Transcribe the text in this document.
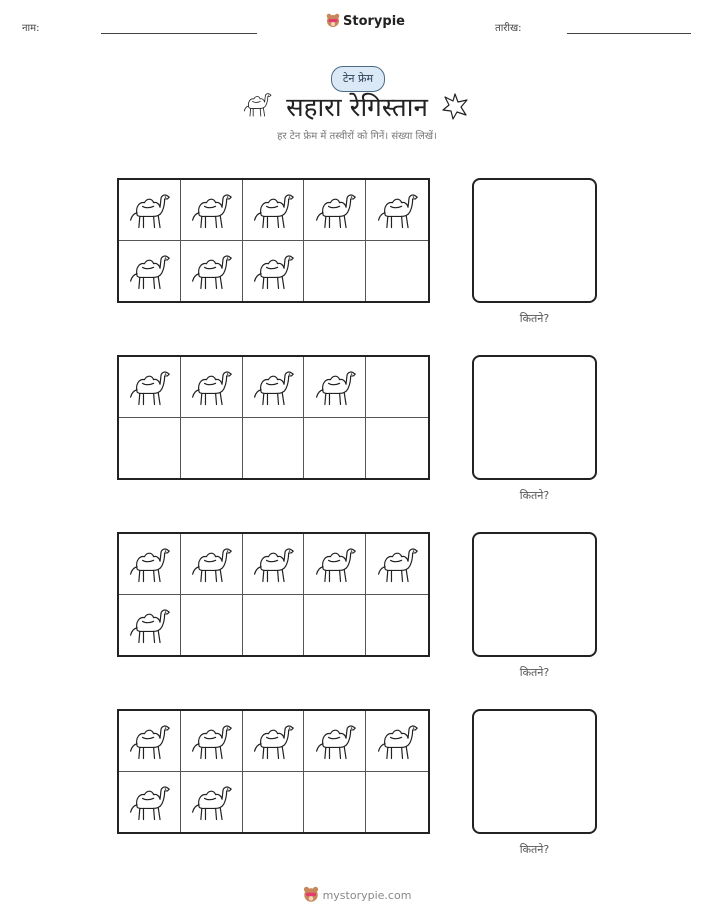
नाम:	Storypie	तारीख:
टेन फ्रेम
सहारा रेगिस्तान
हर टेन फ्रेम में तस्वीरों को गिनें। संख्या लिखें।
कितने?
कितने?
कितने?
कितने?
mystorypie.com
